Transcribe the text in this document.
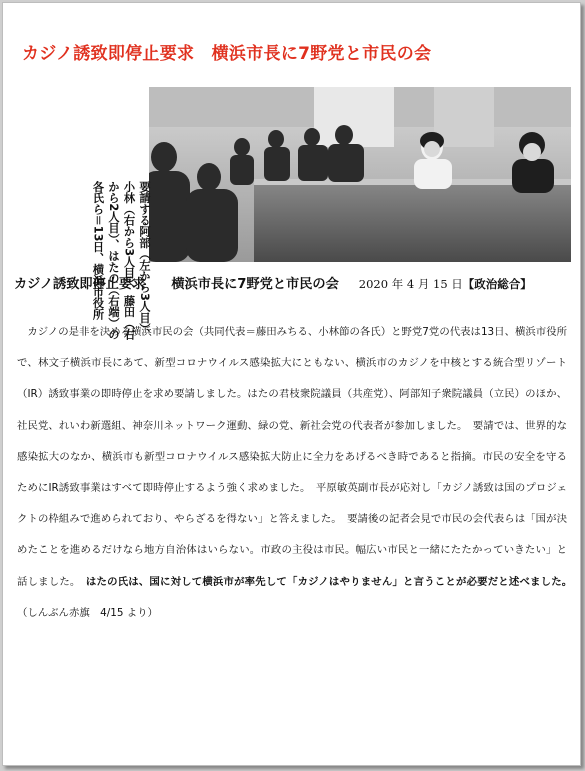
カジノ誘致即停止要求　横浜市長に7野党と市民の会
要請する阿部（左から3人目）、小林（右から3人目）、藤田（右から2人目）、はたの（右端）の各氏ら＝13日、横浜市役所
カジノ誘致即停止要求 横浜市長に7野党と市民の会 2020 年 4 月 15 日【政治総合】

　カジノの是非を決める横浜市民の会（共同代表＝藤田みちる、小林節の各氏）と野党7党の代表は13日、横浜市役所で、林文子横浜市長にあて、新型コロナウイルス感染拡大にともない、横浜市のカジノを中核とする統合型リゾート（IR）誘致事業の即時停止を求め要請しました。はたの君枝衆院議員（共産党）、阿部知子衆院議員（立民）のほか、社民党、れいわ新選組、神奈川ネットワーク運動、緑の党、新社会党の代表者が参加しました。　要請では、世界的な感染拡大のなか、横浜市も新型コロナウイルス感染拡大防止に全力をあげるべき時であると指摘。市民の安全を守るためにIR誘致事業はすべて即時停止するよう強く求めました。　平原敏英副市長が応対し「カジノ誘致は国のプロジェクトの枠組みで進められており、やらざるを得ない」と答えました。　要請後の記者会見で市民の会代表らは「国が決めたことを進めるだけなら地方自治体はいらない。市政の主役は市民。幅広い市民と一緒にたたかっていきたい」と話しました。　 はたの氏は、国に対して横浜市が率先して「カジノはやりません」と言うことが必要だと述べました。　（しんぶん赤旗　4/15 より）
